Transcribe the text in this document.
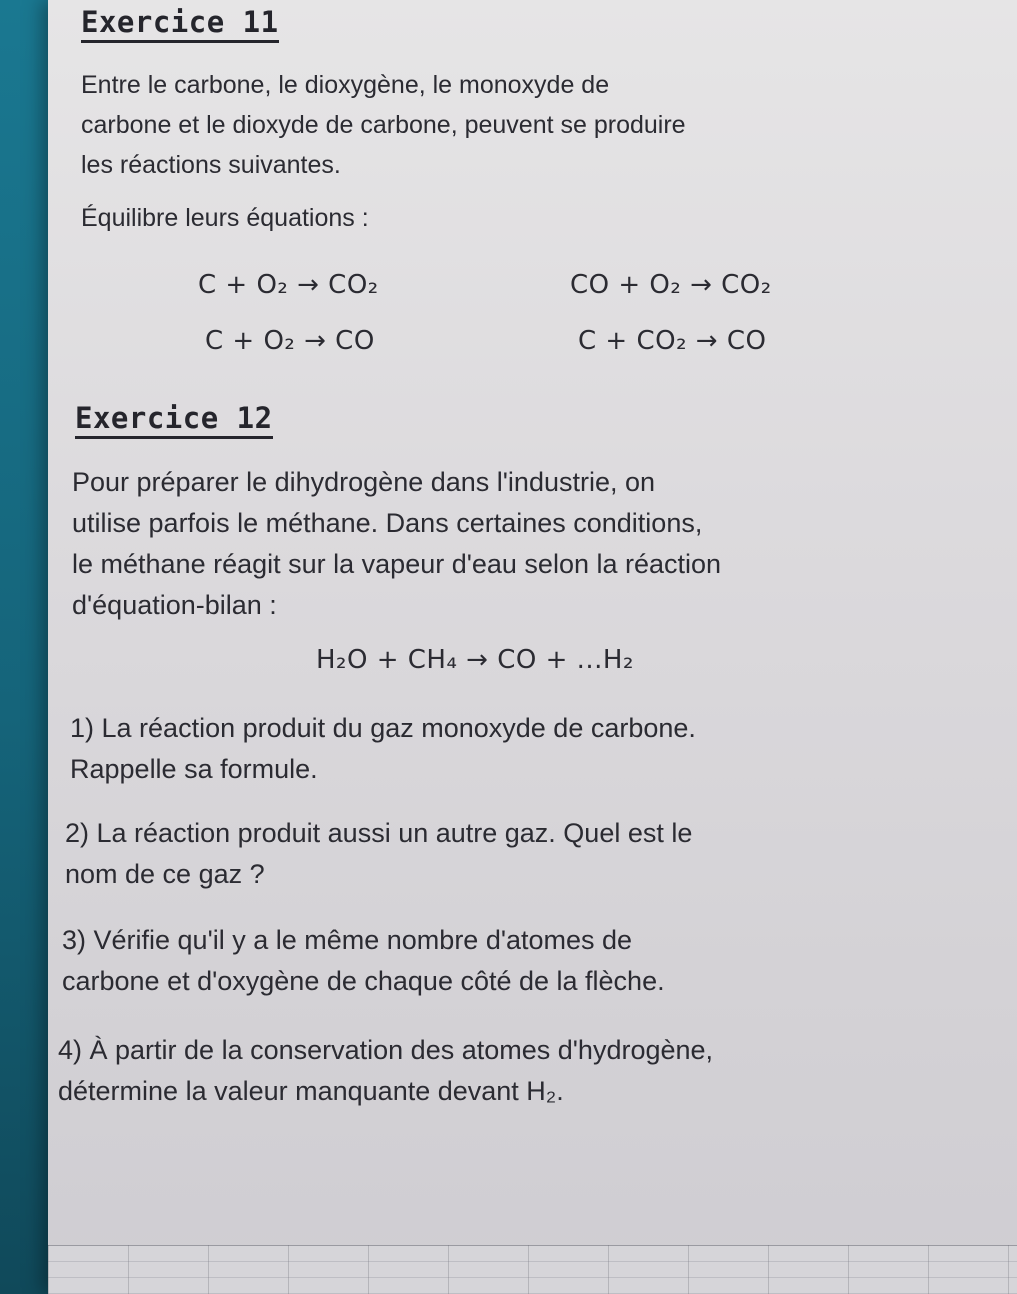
Exercice 11

Entre le carbone, le dioxygène, le monoxyde de
carbone et le dioxyde de carbone, peuvent se produire
les réactions suivantes.

Équilibre leurs équations :

C + O₂ → CO₂	CO + O₂ → CO₂
C + O₂ → CO	C + CO₂ → CO
Exercice 12

Pour préparer le dihydrogène dans l'industrie, on
utilise parfois le méthane. Dans certaines conditions,
le méthane réagit sur la vapeur d'eau selon la réaction
d'équation-bilan :

H₂O + CH₄ → CO + ...H₂

1) La réaction produit du gaz monoxyde de carbone.
Rappelle sa formule.

2) La réaction produit aussi un autre gaz. Quel est le
nom de ce gaz ?

3) Vérifie qu'il y a le même nombre d'atomes de
carbone et d'oxygène de chaque côté de la flèche.

4) À partir de la conservation des atomes d'hydrogène,
détermine la valeur manquante devant H₂.
